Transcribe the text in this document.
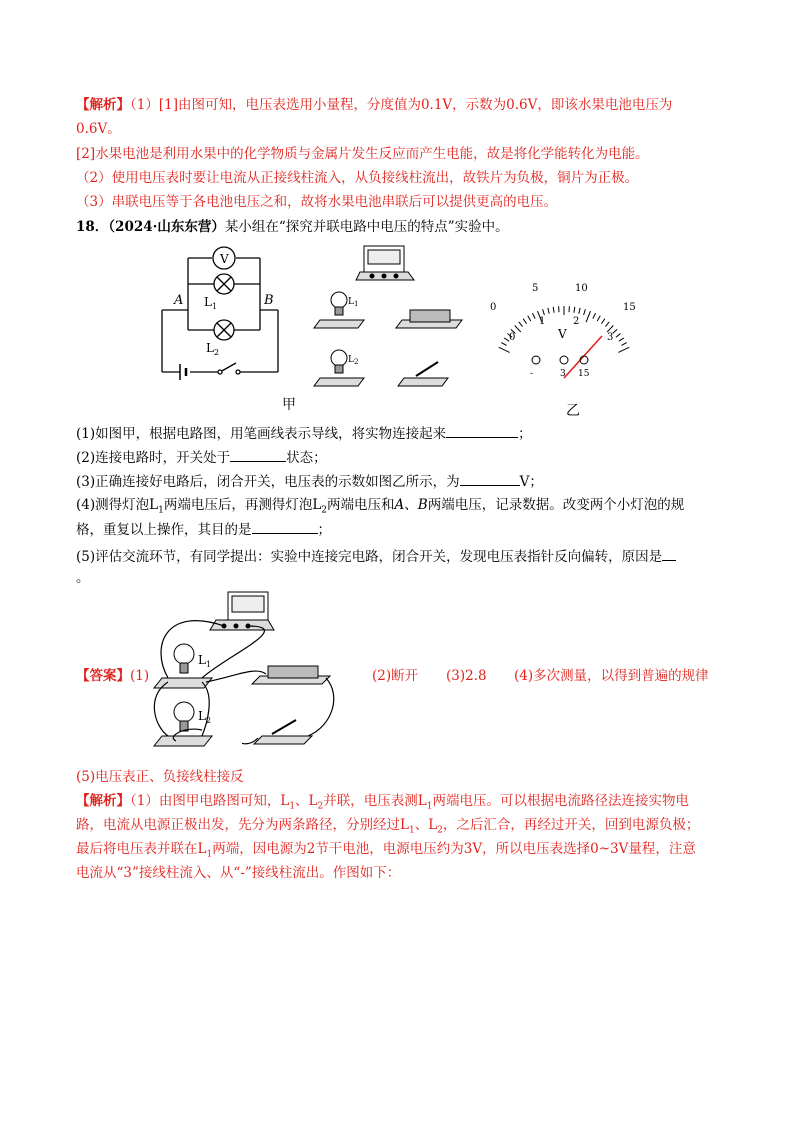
【解析】（1）[1]由图可知，电压表选用小量程，分度值为0.1V，示数为0.6V，即该水果电池电压为
0.6V。
[2]水果电池是利用水果中的化学物质与金属片发生反应而产生电能，故是将化学能转化为电能。
（2）使用电压表时要让电流从正接线柱流入，从负接线柱流出，故铁片为负极，铜片为正极。
（3）串联电压等于各电池电压之和，故将水果电池串联后可以提供更高的电压。
18．（2024·山东东营）某小组在“探究并联电路中电压的特点”实验中。
V
A	B
$L_1$
$L_2$
$L_1$
$L_2$
0
5	10
15
0
1	2
3
V
-	3 15
甲	乙
(1)如图甲，根据电路图，用笔画线表示导线，将实物连接起来	；
(2)连接电路时，开关处于	状态；
(3)正确连接好电路后，闭合开关，电压表的示数如图乙所示，为	V；
(4)测得灯泡$L_1$两端电压后，再测得灯泡$L_2$两端电压和A、B两端电压，记录数据。改变两个小灯泡的规
格，重复以上操作，其目的是	；
(5)评估交流环节，有同学提出：实验中连接完电路，闭合开关，发现电压表指针反向偏转，原因是
。
$L_1$
$L_2$
【答案】(1)	(2)断开 (3)2.8 (4)多次测量，以得到普遍的规律
(5)电压表正、负接线柱接反
【解析】（1）由图甲电路图可知，$L_1$、$L_2$并联，电压表测$L_1$两端电压。可以根据电流路径法连接实物电
路，电流从电源正极出发，先分为两条路径，分别经过$L_1$、$L_2$，之后汇合，再经过开关，回到电源负极；
最后将电压表并联在$L_1$两端，因电源为2节干电池，电源电压约为3V，所以电压表选择0~3V量程，注意
电流从“3”接线柱流入、从“-”接线柱流出。作图如下：
